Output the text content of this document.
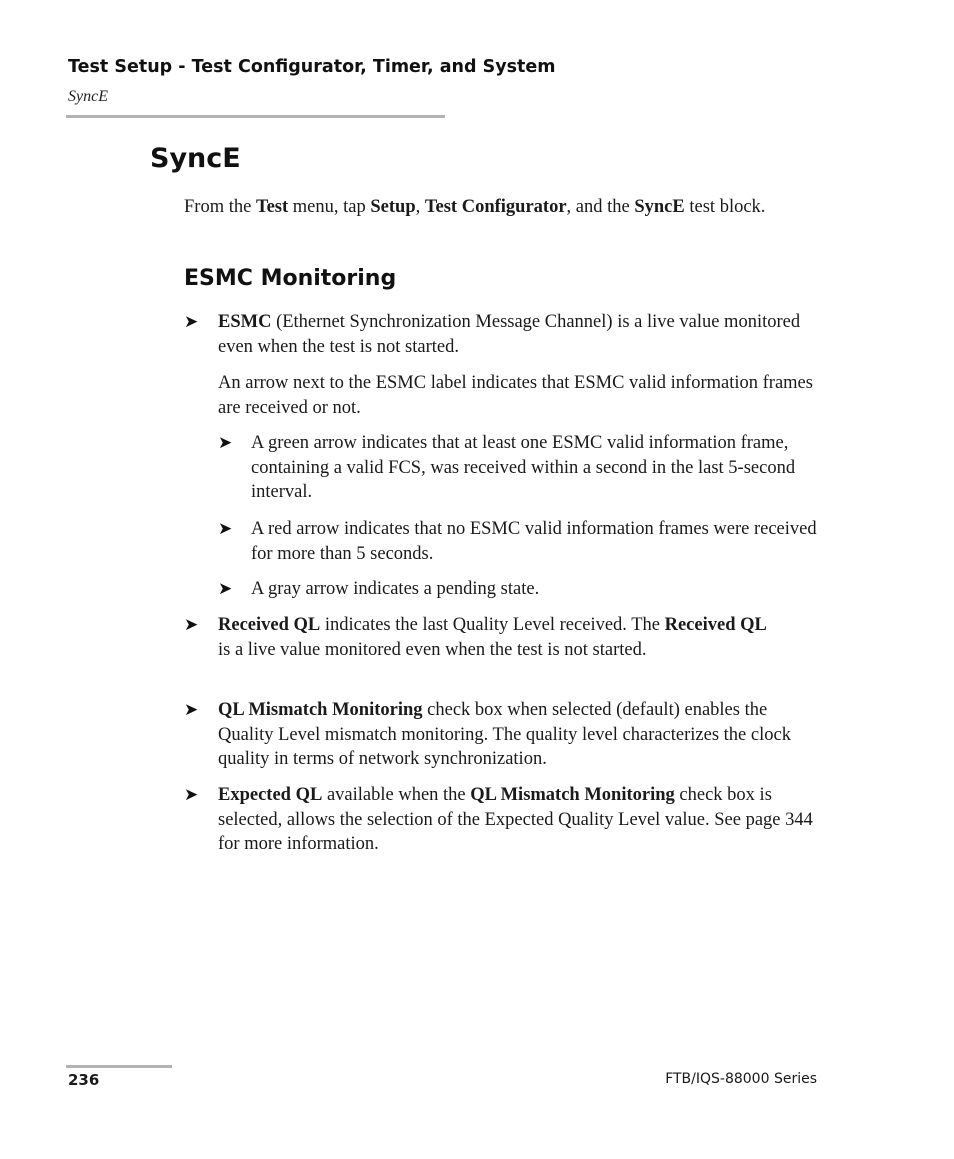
Test Setup - Test Configurator, Timer, and System
SyncE
SyncE

From the Test menu, tap Setup, Test Configurator, and the SyncE test block.

ESMC Monitoring
➤ ESMC (Ethernet Synchronization Message Channel) is a live value monitored even when the test is not started.

An arrow next to the ESMC label indicates that ESMC valid information frames are received or not.

➤ A green arrow indicates that at least one ESMC valid information frame, containing a valid FCS, was received within a second in the last 5-second interval.

➤ A red arrow indicates that no ESMC valid information frames were received for more than 5 seconds.

➤ A gray arrow indicates a pending state.

➤ Received QL indicates the last Quality Level received. The Received QL is a live value monitored even when the test is not started.

➤ QL Mismatch Monitoring check box when selected (default) enables the Quality Level mismatch monitoring. The quality level characterizes the clock quality in terms of network synchronization.

➤ Expected QL available when the QL Mismatch Monitoring check box is selected, allows the selection of the Expected Quality Level value. See page 344 for more information.

236	FTB/IQS-88000 Series
